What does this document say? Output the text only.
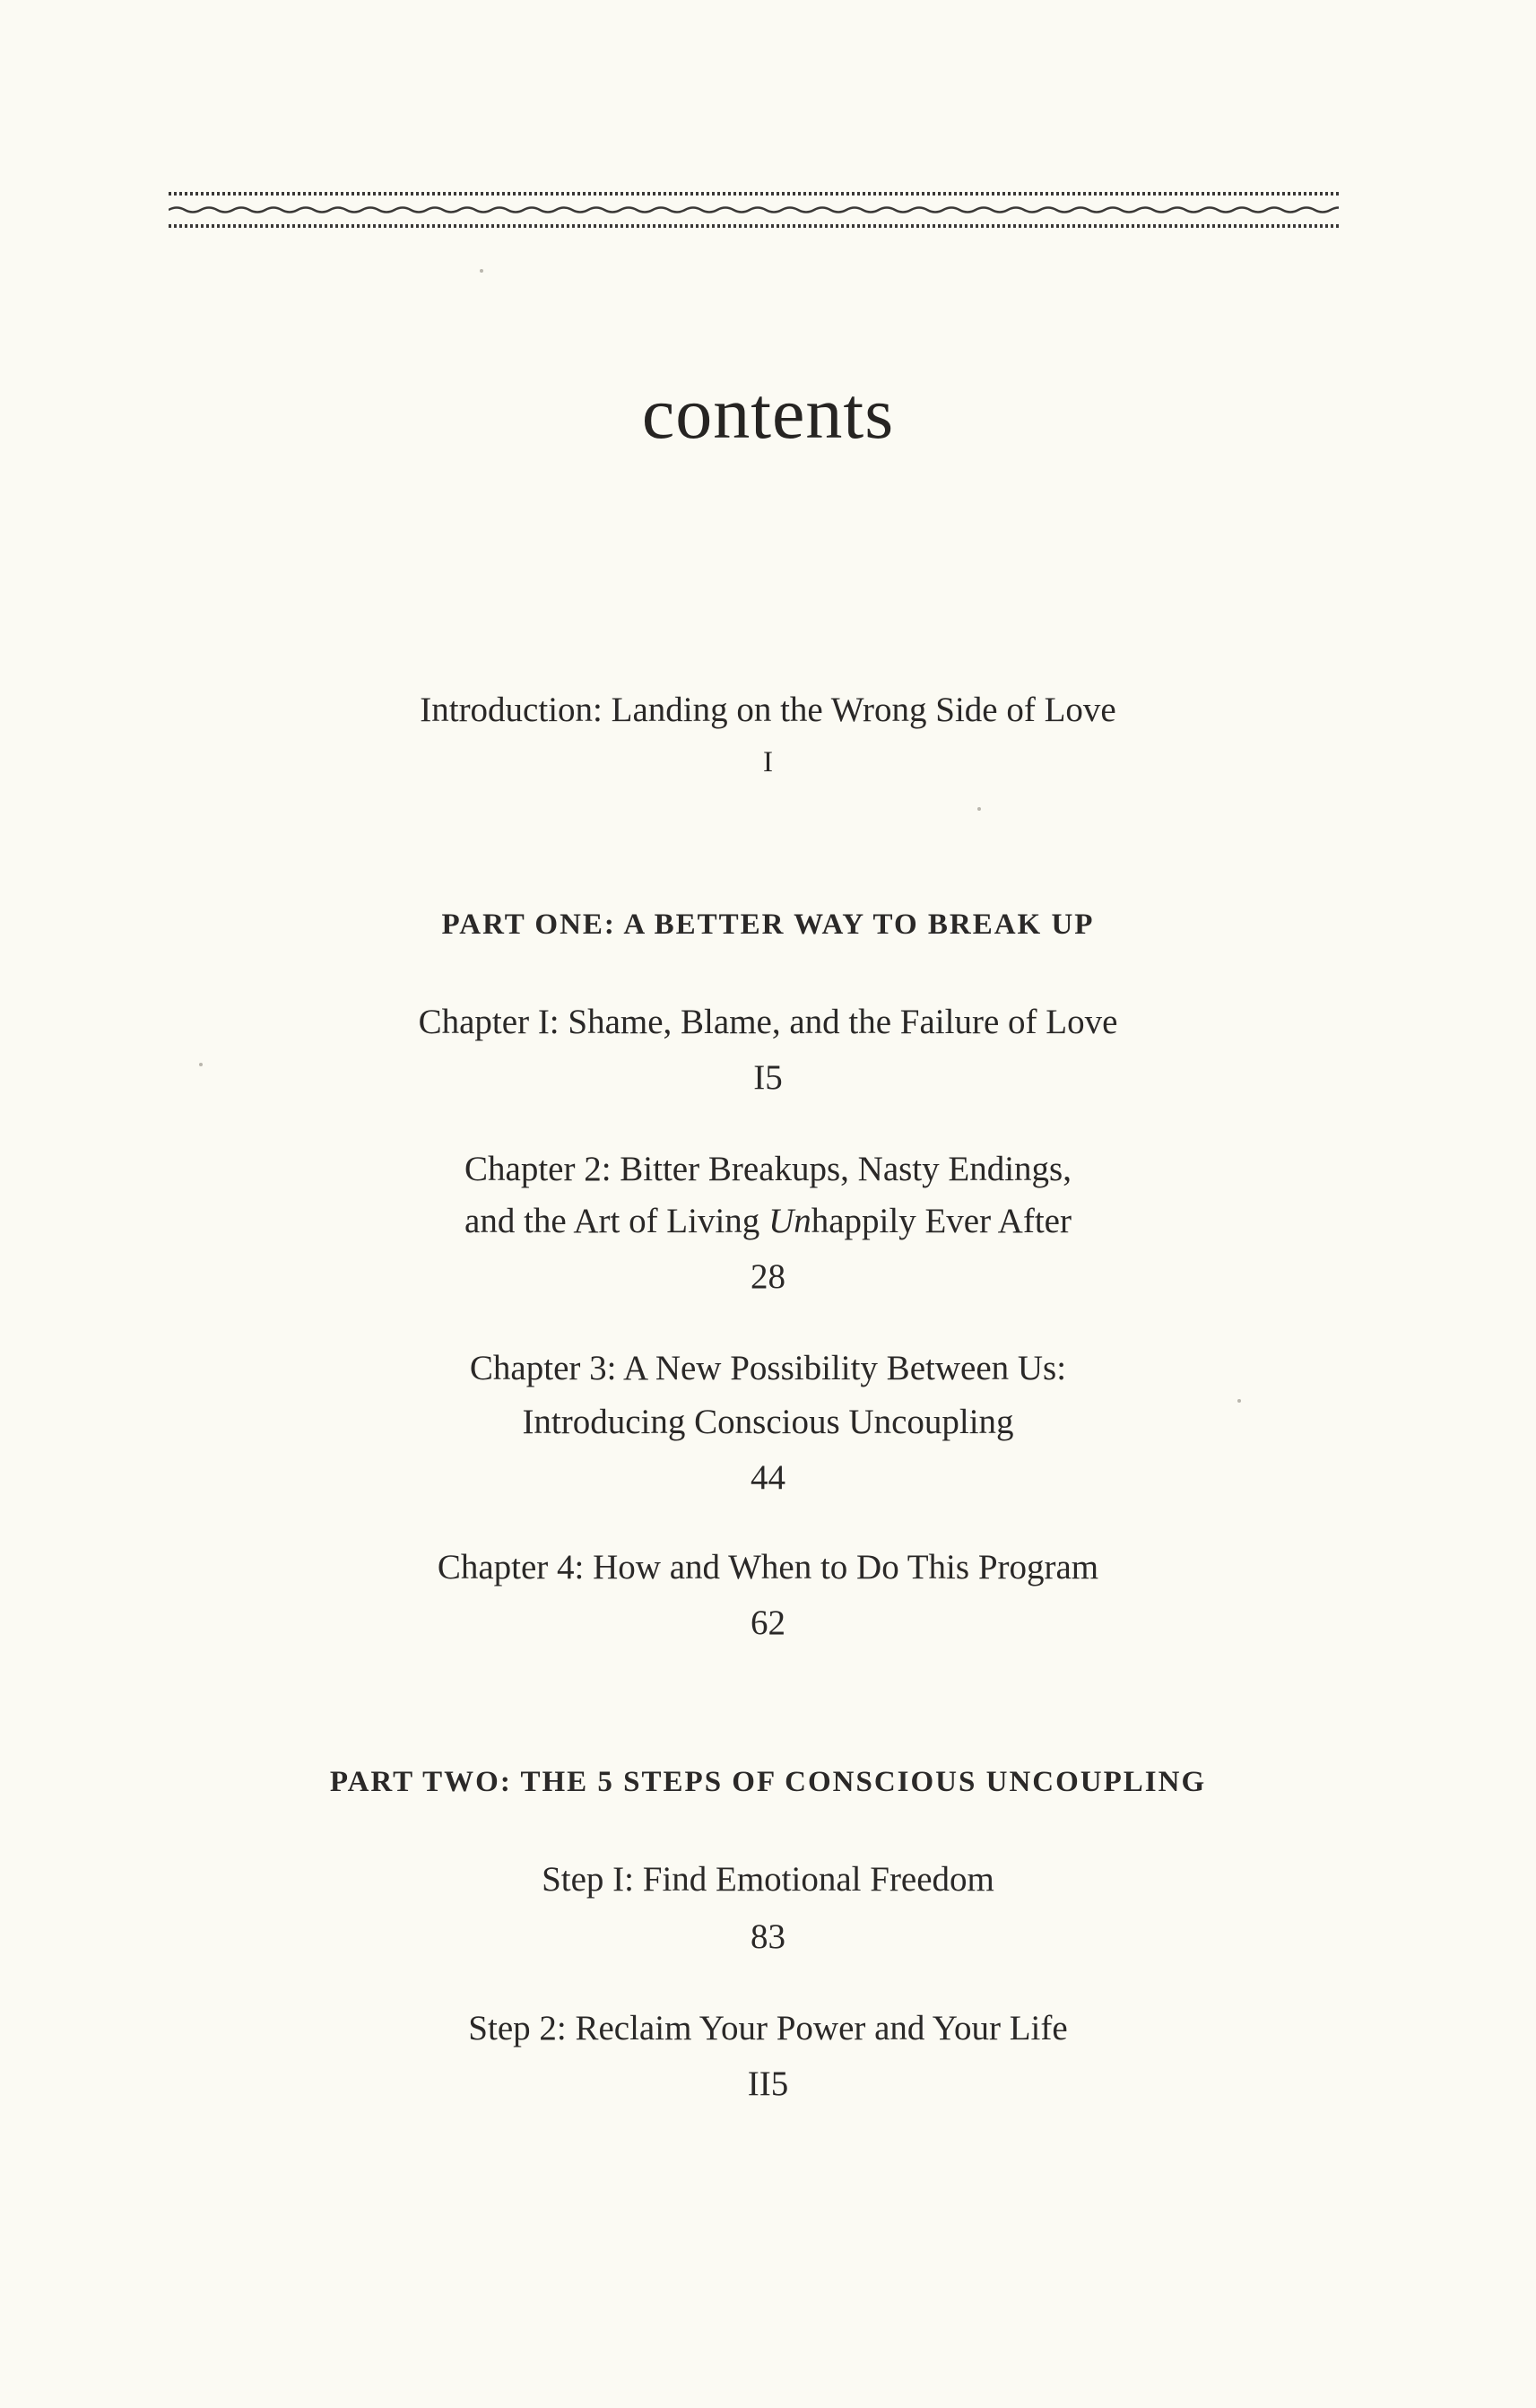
contents
Introduction: Landing on the Wrong Side of Love
I
PART ONE: A BETTER WAY TO BREAK UP
Chapter I: Shame, Blame, and the Failure of Love
I5
Chapter 2: Bitter Breakups, Nasty Endings,
and the Art of Living Unhappily Ever After
28
Chapter 3: A New Possibility Between Us:
Introducing Conscious Uncoupling
44
Chapter 4: How and When to Do This Program
62
PART TWO: THE 5 STEPS OF CONSCIOUS UNCOUPLING
Step I: Find Emotional Freedom
83
Step 2: Reclaim Your Power and Your Life
II5
